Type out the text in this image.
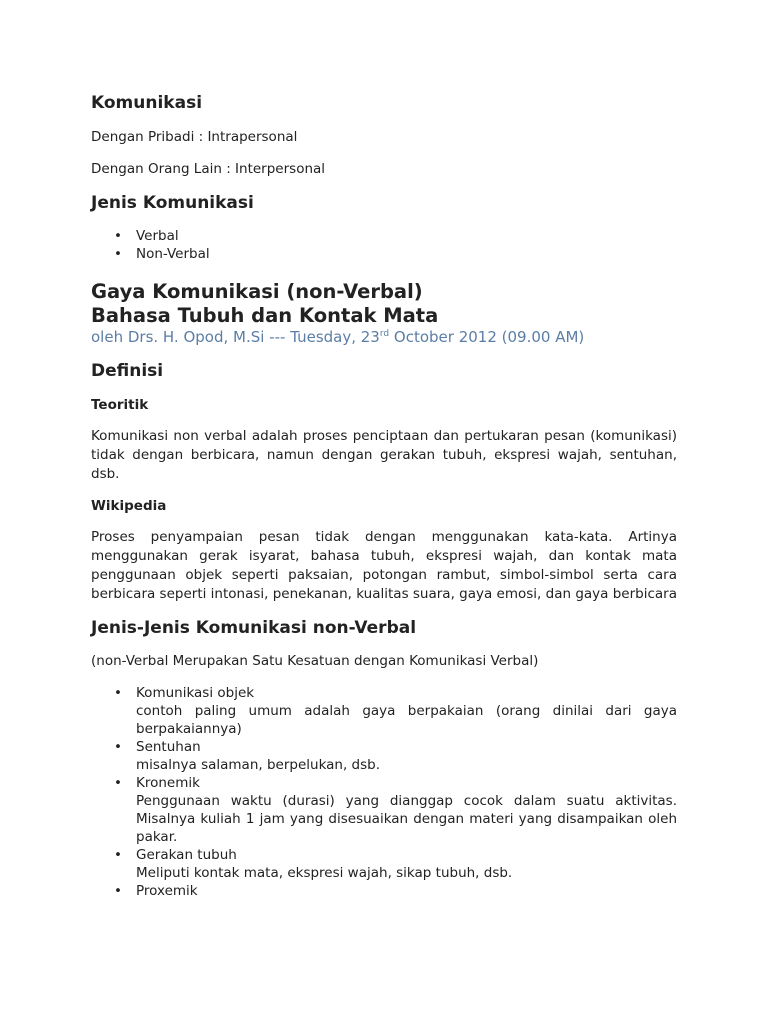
Komunikasi

Dengan Pribadi : Intrapersonal

Dengan Orang Lain : Interpersonal

Jenis Komunikasi
• Verbal
• Non-Verbal
Gaya Komunikasi (non-Verbal)
Bahasa Tubuh dan Kontak Mata

oleh Drs. H. Opod, M.Si --- Tuesday, 23rd October 2012 (09.00 AM)

Definisi
Teoritik

Komunikasi non verbal adalah proses penciptaan dan pertukaran pesan (komunikasi) tidak dengan berbicara, namun dengan gerakan tubuh, ekspresi wajah, sentuhan, dsb.

Wikipedia

Proses penyampaian pesan tidak dengan menggunakan kata-kata. Artinya menggunakan gerak isyarat, bahasa tubuh, ekspresi wajah, dan kontak mata penggunaan objek seperti paksaian, potongan rambut, simbol-simbol serta cara berbicara seperti intonasi, penekanan, kualitas suara, gaya emosi, dan gaya berbicara

Jenis-Jenis Komunikasi non-Verbal

(non-Verbal Merupakan Satu Kesatuan dengan Komunikasi Verbal)

• Komunikasi objek
contoh paling umum adalah gaya berpakaian (orang dinilai dari gaya berpakaiannya)
• Sentuhan
misalnya salaman, berpelukan, dsb.
• Kronemik
Penggunaan waktu (durasi) yang dianggap cocok dalam suatu aktivitas. Misalnya kuliah 1 jam yang disesuaikan dengan materi yang disampaikan oleh pakar.
• Gerakan tubuh
Meliputi kontak mata, ekspresi wajah, sikap tubuh, dsb.
• Proxemik
